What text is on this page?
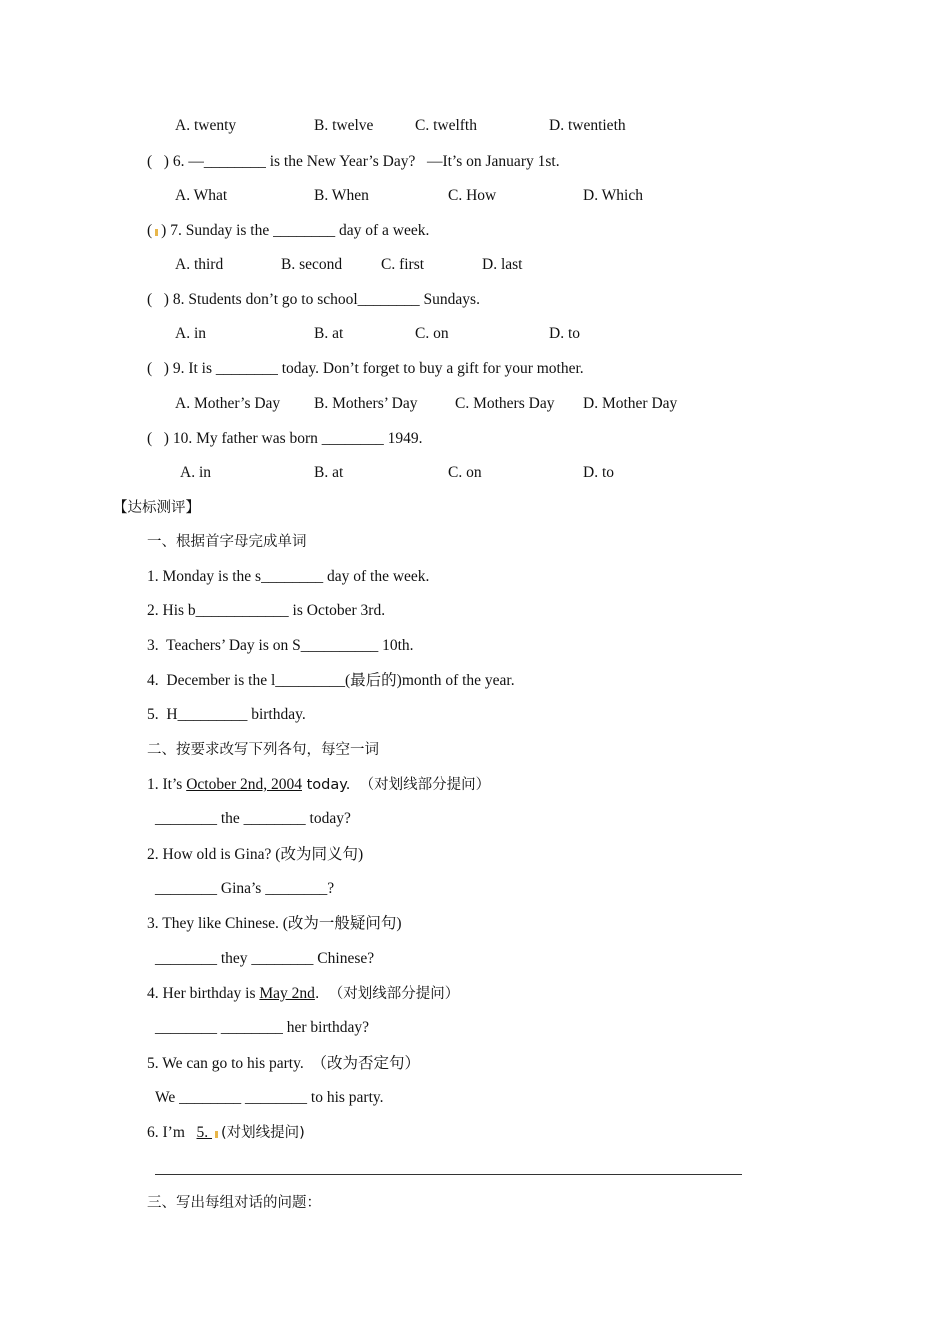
A. twenty	B. twelve	C. twelfth	D. twentieth
(   ) 6. —________ is the New Year’s Day?   —It’s on January 1st.
A. What	B. When	C. How	D. Which
( ) 7. Sunday is the ________ day of a week.
A. third	B. second	C. first	D. last
(   ) 8. Students don’t go to school________ Sundays.
A. in	B. at	C. on	D. to
(   ) 9. It is ________ today. Don’t forget to buy a gift for your mother.
A. Mother’s Day B. Mothers’ Day C. Mothers Day D. Mother Day
(   ) 10. My father was born ________ 1949.
A. in	B. at	C. on	D. to
【达标测评】
一、根据首字母完成单词
1. Monday is the s________ day of the week.
2. His b____________ is October 3rd.
3.  Teachers’ Day is on S__________ 10th.
4.  December is the l_________(最后的)month of the year.
5.  H_________ birthday.
二、按要求改写下列各句，每空一词
1. It’s October 2nd, 2004 today.  （对划线部分提问）
________ the ________ today?
2. How old is Gina? (改为同义句)
________ Gina’s ________?
3. They like Chinese. (改为一般疑问句)
________ they ________ Chinese?
4. Her birthday is May 2nd.  （对划线部分提问）
________ ________ her birthday?
5. We can go to his party.  （改为否定句）
We ________ ________ to his party.
6. I’m   5. (对划线提问)
三、写出每组对话的问题：
